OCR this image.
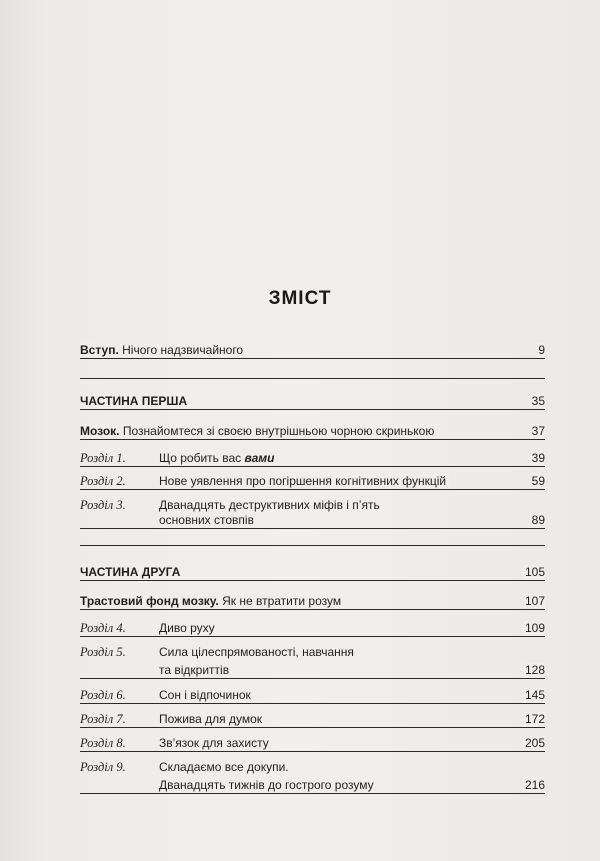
ЗМІСТ
Вступ. Нічого надзвичайного	9
ЧАСТИНА ПЕРША	35
Мозок. Познайомтеся зі своєю внутрішньою чорною скринькою	37
Розділ 1.	Що робить вас вами	39
Розділ 2.	Нове уявлення про погіршення когнітивних функцій	59
Розділ 3.	Дванадцять деструктивних міфів і п’ять
основних стовпів	89
ЧАСТИНА ДРУГА	105
Трастовий фонд мозку. Як не втратити розум	107
Розділ 4.	Диво руху	109
Розділ 5.	Сила цілеспрямованості, навчання
та відкриттів	128
Розділ 6.	Сон і відпочинок	145
Розділ 7.	Пожива для думок	172
Розділ 8.	Зв’язок для захисту	205
Розділ 9.	Складаємо все докупи.
Дванадцять тижнів до гострого розуму	216
